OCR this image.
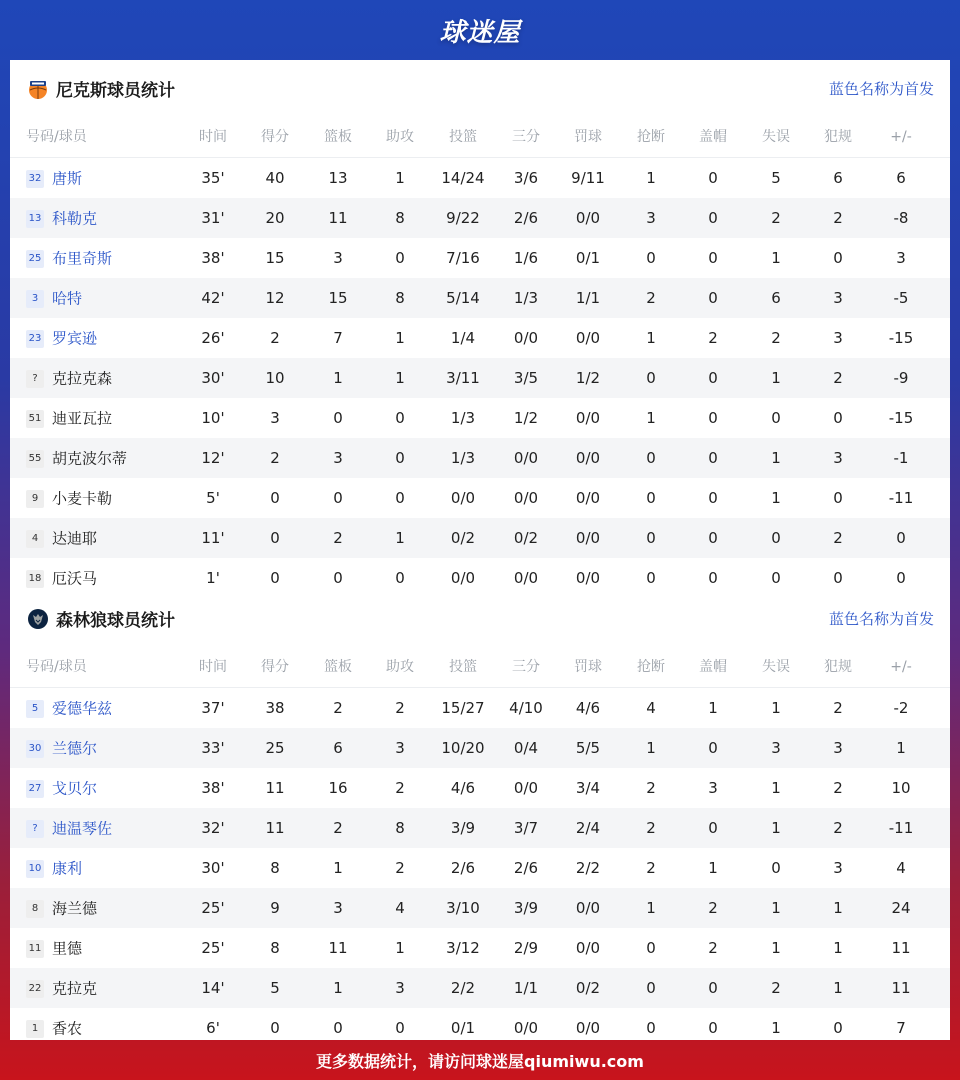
球迷屋
尼克斯球员统计	蓝色名称为首发
号码/球员	时间	得分	篮板	助攻	投篮	三分	罚球	抢断	盖帽	失误	犯规	+/-
32 唐斯	35'	40	13	1	14/24	3/6	9/11	1	0	5	6	6
13 科勒克	31'	20	11	8	9/22	2/6	0/0	3	0	2	2	-8
25 布里奇斯	38'	15	3	0	7/16	1/6	0/1	0	0	1	0	3
3 哈特	42'	12	15	8	5/14	1/3	1/1	2	0	6	3	-5
23 罗宾逊	26'	2	7	1	1/4	0/0	0/0	1	2	2	3	-15
? 克拉克森	30'	10	1	1	3/11	3/5	1/2	0	0	1	2	-9
51 迪亚瓦拉	10'	3	0	0	1/3	1/2	0/0	1	0	0	0	-15
55 胡克波尔蒂	12'	2	3	0	1/3	0/0	0/0	0	0	1	3	-1
9 小麦卡勒	5'	0	0	0	0/0	0/0	0/0	0	0	1	0	-11
4 达迪耶	11'	0	2	1	0/2	0/2	0/0	0	0	0	2	0
18 厄沃马	1'	0	0	0	0/0	0/0	0/0	0	0	0	0	0
森林狼球员统计	蓝色名称为首发
号码/球员	时间	得分	篮板	助攻	投篮	三分	罚球	抢断	盖帽	失误	犯规	+/-
5 爱德华兹	37'	38	2	2	15/27	4/10	4/6	4	1	1	2	-2
30 兰德尔	33'	25	6	3	10/20	0/4	5/5	1	0	3	3	1
27 戈贝尔	38'	11	16	2	4/6	0/0	3/4	2	3	1	2	10
? 迪温琴佐	32'	11	2	8	3/9	3/7	2/4	2	0	1	2	-11
10 康利	30'	8	1	2	2/6	2/6	2/2	2	1	0	3	4
8 海兰德	25'	9	3	4	3/10	3/9	0/0	1	2	1	1	24
11 里德	25'	8	11	1	3/12	2/9	0/0	0	2	1	1	11
22 克拉克	14'	5	1	3	2/2	1/1	0/2	0	0	2	1	11
1 香农	6'	0	0	0	0/1	0/0	0/0	0	0	1	0	7
更多数据统计，请访问球迷屋qiumiwu.com
